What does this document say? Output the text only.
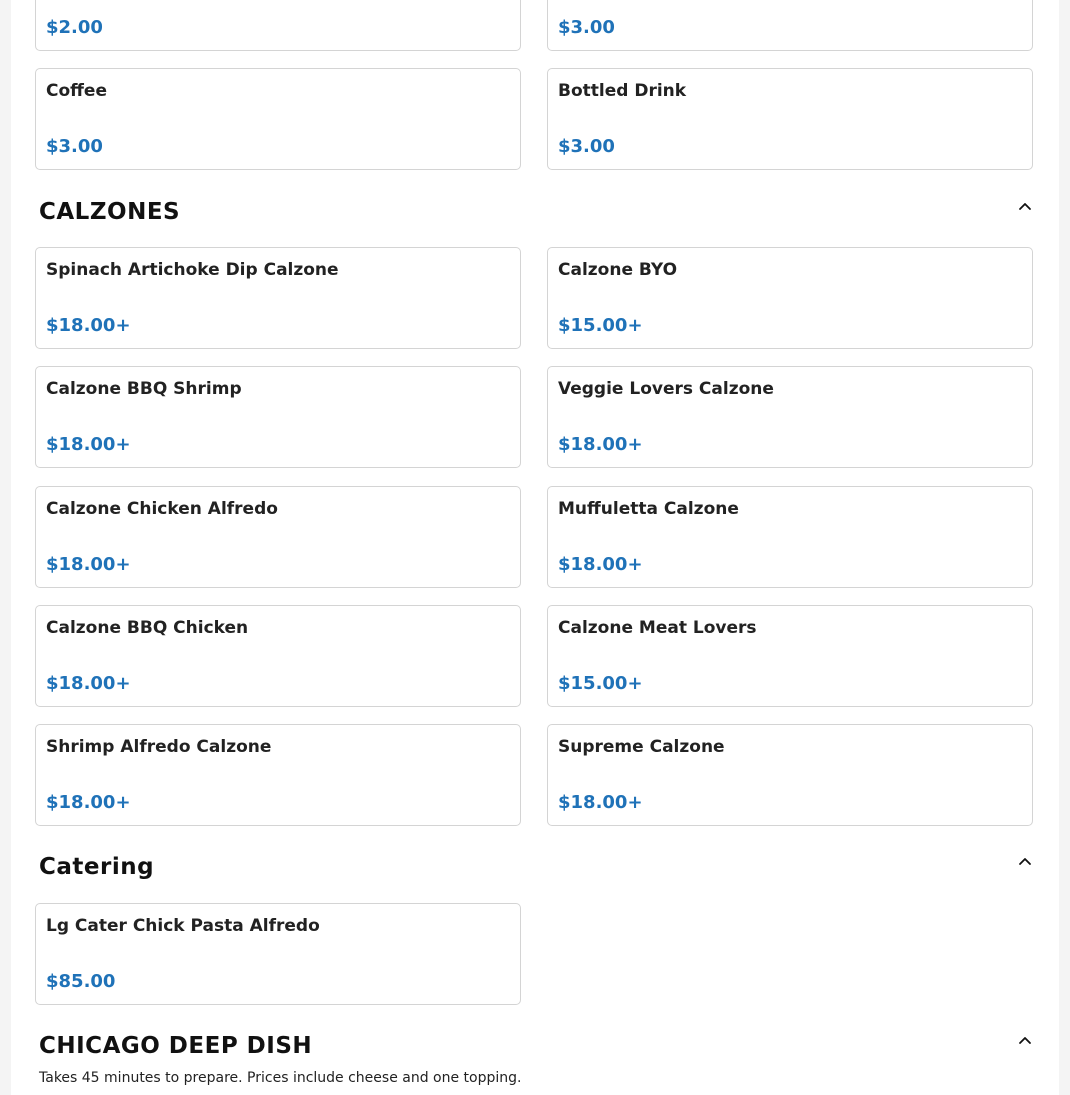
$2.00	$3.00
Coffee
$3.00
Bottled Drink
$3.00
CALZONES
Spinach Artichoke Dip Calzone
$18.00+
Calzone BYO
$15.00+
Calzone BBQ Shrimp
$18.00+
Veggie Lovers Calzone
$18.00+
Calzone Chicken Alfredo
$18.00+
Muffuletta Calzone
$18.00+
Calzone BBQ Chicken
$18.00+
Calzone Meat Lovers
$15.00+
Shrimp Alfredo Calzone
$18.00+
Supreme Calzone
$18.00+
Catering
Lg Cater Chick Pasta Alfredo
$85.00
CHICAGO DEEP DISH
Takes 45 minutes to prepare. Prices include cheese and one topping.
